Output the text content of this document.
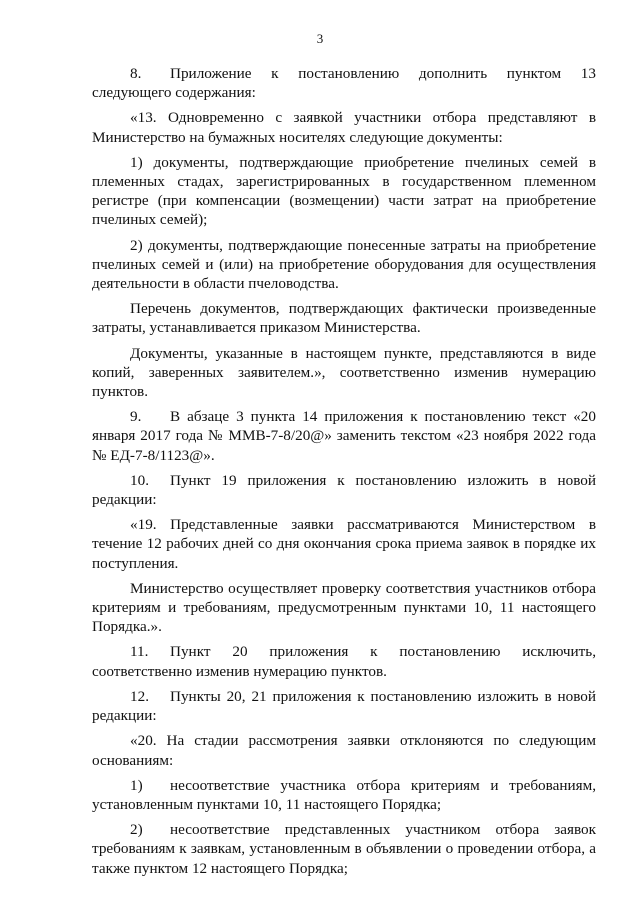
3

8. Приложение к постановлению дополнить пунктом 13 следующего содержания:

«13. Одновременно с заявкой участники отбора представляют в Министерство на бумажных носителях следующие документы:

1) документы, подтверждающие приобретение пчелиных семей в племенных стадах, зарегистрированных в государственном племенном регистре (при компенсации (возмещении) части затрат на приобретение пчелиных семей);

2) документы, подтверждающие понесенные затраты на приобретение пчелиных семей и (или) на приобретение оборудования для осуществления деятельности в области пчеловодства.

Перечень документов, подтверждающих фактически произведенные затраты, устанавливается приказом Министерства.

Документы, указанные в настоящем пункте, представляются в виде копий, заверенных заявителем.», соответственно изменив нумерацию пунктов.

9. В абзаце 3 пункта 14 приложения к постановлению текст «20 января 2017 года № ММВ-7-8/20@» заменить текстом «23 ноября 2022 года № ЕД-7-8/1123@».

10. Пункт 19 приложения к постановлению изложить в новой редакции:

«19. Представленные заявки рассматриваются Министерством в течение 12 рабочих дней со дня окончания срока приема заявок в порядке их поступления.

Министерство осуществляет проверку соответствия участников отбора критериям и требованиям, предусмотренным пунктами 10, 11 настоящего Порядка.».

11. Пункт 20 приложения к постановлению исключить, соответственно изменив нумерацию пунктов.

12. Пункты 20, 21 приложения к постановлению изложить в новой редакции:

«20. На стадии рассмотрения заявки отклоняются по следующим основаниям:

1) несоответствие участника отбора критериям и требованиям, установленным пунктами 10, 11 настоящего Порядка;

2) несоответствие представленных участником отбора заявок требованиям к заявкам, установленным в объявлении о проведении отбора, а также пунктом 12 настоящего Порядка;
